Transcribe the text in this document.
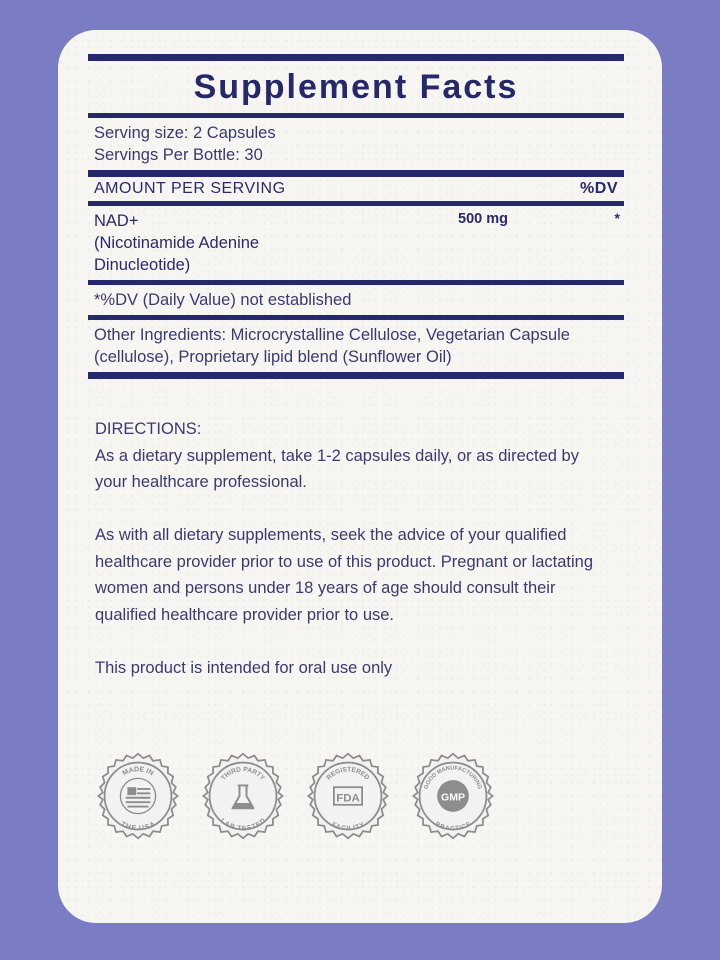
Supplement Facts
Serving size: 2 Capsules
Servings Per Bottle: 30
AMOUNT PER SERVING	%DV
NAD+
(Nicotinamide Adenine
Dinucleotide)
500 mg	*
*%DV (Daily Value) not established
Other Ingredients: Microcrystalline Cellulose, Vegetarian Capsule (cellulose), Proprietary lipid blend (Sunflower Oil)
DIRECTIONS:

As a dietary supplement, take 1-2 capsules daily, or as directed by your healthcare professional.

As with all dietary supplements, seek the advice of your qualified healthcare provider prior to use of this product. Pregnant or lactating women and persons under 18 years of age should consult their qualified healthcare provider prior to use.

This product is intended for oral use only

MADE IN
THE USA
THIRD PARTY
LAB TESTED
REGISTERED
FACILITY
FDA
GOOD MANUFACTURING
PRACTICE
GMP
